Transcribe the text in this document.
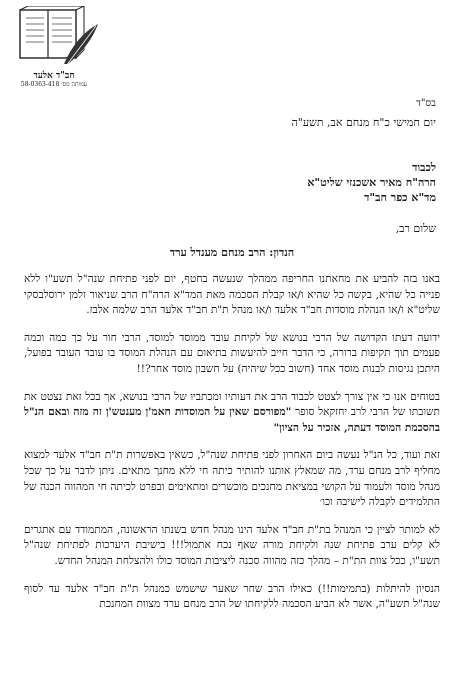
חב"ד אלעד
עמותה מס׳ 58-0363-418
בס"ד
יום חמישי כ"ח מנחם אב, תשע"ה
לכבוד
הרה"ח מאיר אשכנזי שליט"א
מד"א כפר חב"ד
שלום רב,
הנדון: הרב מנחם מענדל ערד

באנו בזה להביע את מחאתנו החריפה ממהלך שנעשה בחטף, יום לפני פתיחת שנה"ל תשע"ו ללא פנייה כל שהיא, בקשה כל שהיא ו/או קבלת הסכמה מאת המד"א הרה"ח הרב שניאור זלמן ירוסלבסקי שליט"א ו/או הנהלת מוסדות חב"ד אלעד ו/או מנהל ת"ת חב"ד אלעד הרב שלמה אלבז.

ידועה דעתו הקדושה של הרבי בנושא של לקיחת עובד ממוסד למוסד, הרבי חור על כך כמה וכמה פעמים תוך תקיפות ברורה, כי הדבר חייב להיעשות בתיאום עם הנהלת המוסד בו עובד העובד בפועל, היתכן נגיסות לבנות מוסד אחד (חשוב ככל שיהיה) על חשבון מוסד אחר?!!

בטוחים אנו כי אין צורך לצטט לכבוד הרב את דעותיו ומכתביו של הרבי בנושא, אך בכל זאת נצטט את תשובתו של הרבי לרב יחזקאל סופר "מפורסם שאין על המוסדות חאמ'ן מענטש'ן זה מזה ובאם הנ"ל בהסכמת המוסד דעתה, אזכיר על הציון"

זאת ועוד, כל הנ"ל נעשה ביום האחרון לפני פתיחת שנה"ל, כשאין באפשרות ת"ת חב"ד אלעד למצוא מחליף לרב מנחם ערד, מה שמאלץ אותנו להותיר כיתה חי ללא מחנך מתאים. ניתן לדבר על כך שכל מנהל מוסד ולעמוד על הקושי במציאת מחנכים מוכשרים ומתאימים ובפרט לכיתה חי המהווה הכנה של התלמידים לקבלה לישיבה וכו׳

לא למותר לציין כי המנהל בת"ת חב"ד אלעד הינו מנהל חדש בשנתו הראשונה, המתמודד עם אתגרים לא קלים ערב פתיחת שנה ולקיחת מורה שאף נכח אתמול!!! בישיבת היערכות לפתיחת שנה"ל תשע"ו, ככל צוות הת"ת – מהלך כזה מהווה סכנה ליציבות המוסד כולו ולהצלחת המנהל החדש.

הנסיון להיתלות (בתמימות!!) כאילו הרב שחר שאער שישמש כמנהל ת"ת חב"ד אלעד עד לסוף שנה"ל תשע"ה, אשר לא הביע הסכמה ללקיחתו של הרב מנחם ערד מצוות המחנכת
